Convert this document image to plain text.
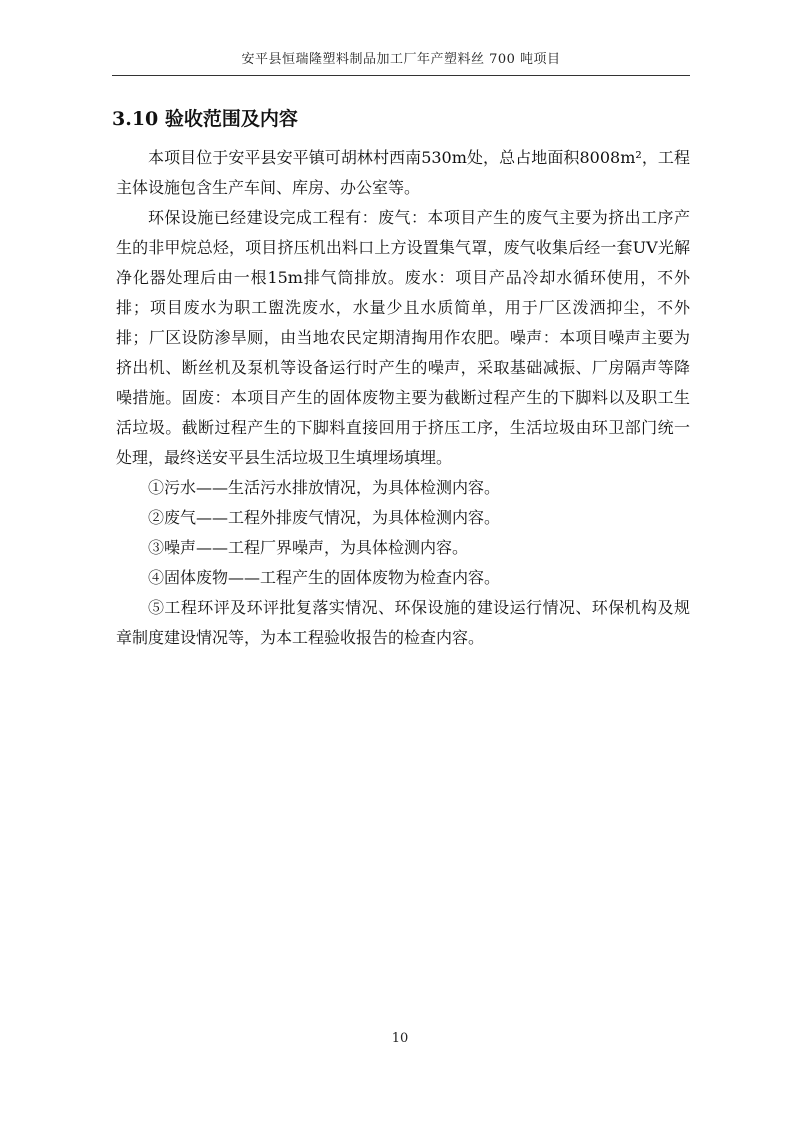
安平县恒瑞隆塑料制品加工厂年产塑料丝 700 吨项目
3.10 验收范围及内容

本项目位于安平县安平镇可胡林村西南530m处，总占地面积8008m²，工程主体设施包含生产车间、库房、办公室等。

环保设施已经建设完成工程有：废气：本项目产生的废气主要为挤出工序产生的非甲烷总烃，项目挤压机出料口上方设置集气罩，废气收集后经一套UV光解净化器处理后由一根15m排气筒排放。废水：项目产品冷却水循环使用，不外排；项目废水为职工盥洗废水，水量少且水质简单，用于厂区泼洒抑尘，不外排；厂区设防渗旱厕，由当地农民定期清掏用作农肥。噪声：本项目噪声主要为挤出机、断丝机及泵机等设备运行时产生的噪声，采取基础减振、厂房隔声等降噪措施。固废：本项目产生的固体废物主要为截断过程产生的下脚料以及职工生活垃圾。截断过程产生的下脚料直接回用于挤压工序，生活垃圾由环卫部门统一处理，最终送安平县生活垃圾卫生填埋场填埋。

①污水——生活污水排放情况，为具体检测内容。

②废气——工程外排废气情况，为具体检测内容。

③噪声——工程厂界噪声，为具体检测内容。

④固体废物——工程产生的固体废物为检查内容。

⑤工程环评及环评批复落实情况、环保设施的建设运行情况、环保机构及规章制度建设情况等，为本工程验收报告的检查内容。

10
